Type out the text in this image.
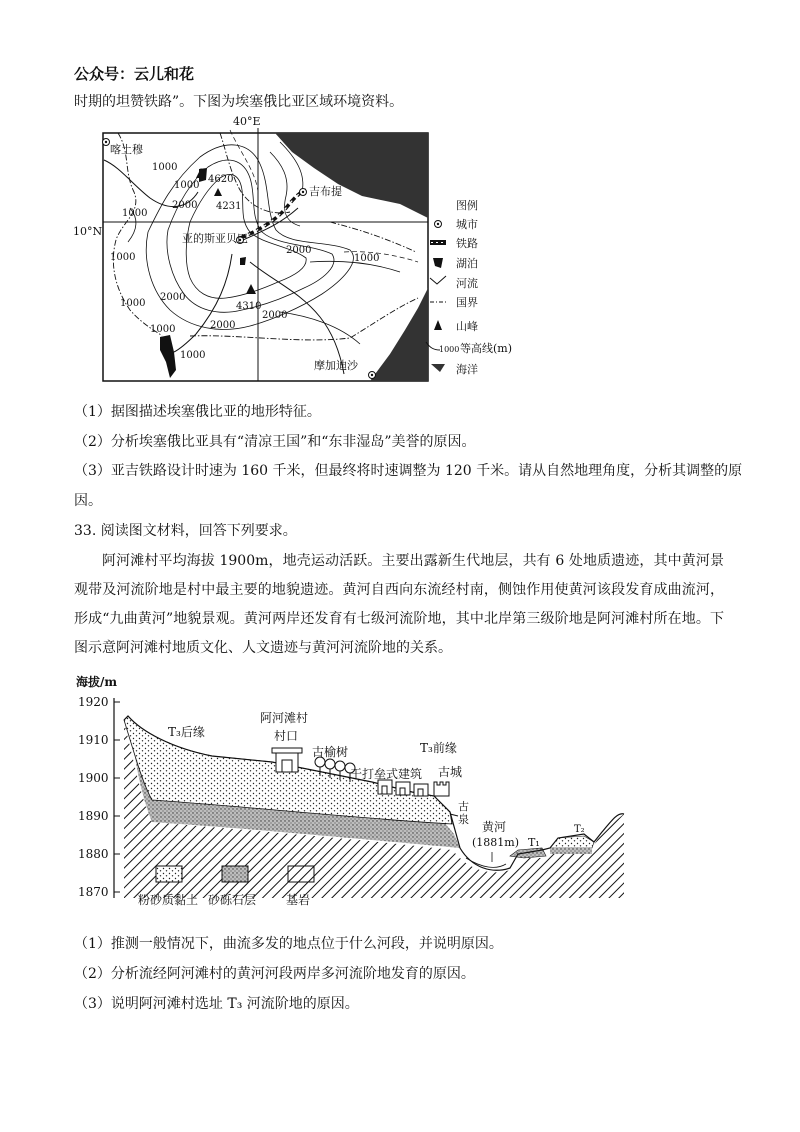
公众号：云儿和花
时期的坦赞铁路”。下图为埃塞俄比亚区域环境资料。
40°E
10°N
喀土穆
吉布提
亚的斯亚贝巴
摩加迪沙
4620
4231
4310
1000
1000
2000
1000
2000
1000
1000
1000
2000
2000
1000
2000
1000
图例
城市
铁路
湖泊
河流
国界
山峰
1000 等高线(m)
海洋
（1）据图描述埃塞俄比亚的地形特征。
（2）分析埃塞俄比亚具有“清凉王国”和“东非湿岛”美誉的原因。
（3）亚吉铁路设计时速为 160 千米，但最终将时速调整为 120 千米。请从自然地理角度，分析其调整的原
因。
33. 阅读图文材料，回答下列要求。
阿河滩村平均海拔 1900m，地壳运动活跃。主要出露新生代地层，共有 6 处地质遗迹，其中黄河景观带及河流阶地是村中最主要的地貌遗迹。黄河自西向东流经村南，侧蚀作用使黄河该段发育成曲流河，形成“九曲黄河”地貌景观。黄河两岸还发育有七级河流阶地，其中北岸第三级阶地是阿河滩村所在地。下图示意阿河滩村地质文化、人文遗迹与黄河河流阶地的关系。
海拔/m
1920
1910
1900
1890
1880
1870
T₃后缘
阿河滩村
村口
古榆树	T₃前缘
干打垒式建筑 古城
古
泉
黄河
(1881m) T₁
T₂
粉砂质黏土 砂砾石层 基岩
（1）推测一般情况下，曲流多发的地点位于什么河段，并说明原因。
（2）分析流经阿河滩村的黄河河段两岸多河流阶地发育的原因。
（3）说明阿河滩村选址 T₃ 河流阶地的原因。
